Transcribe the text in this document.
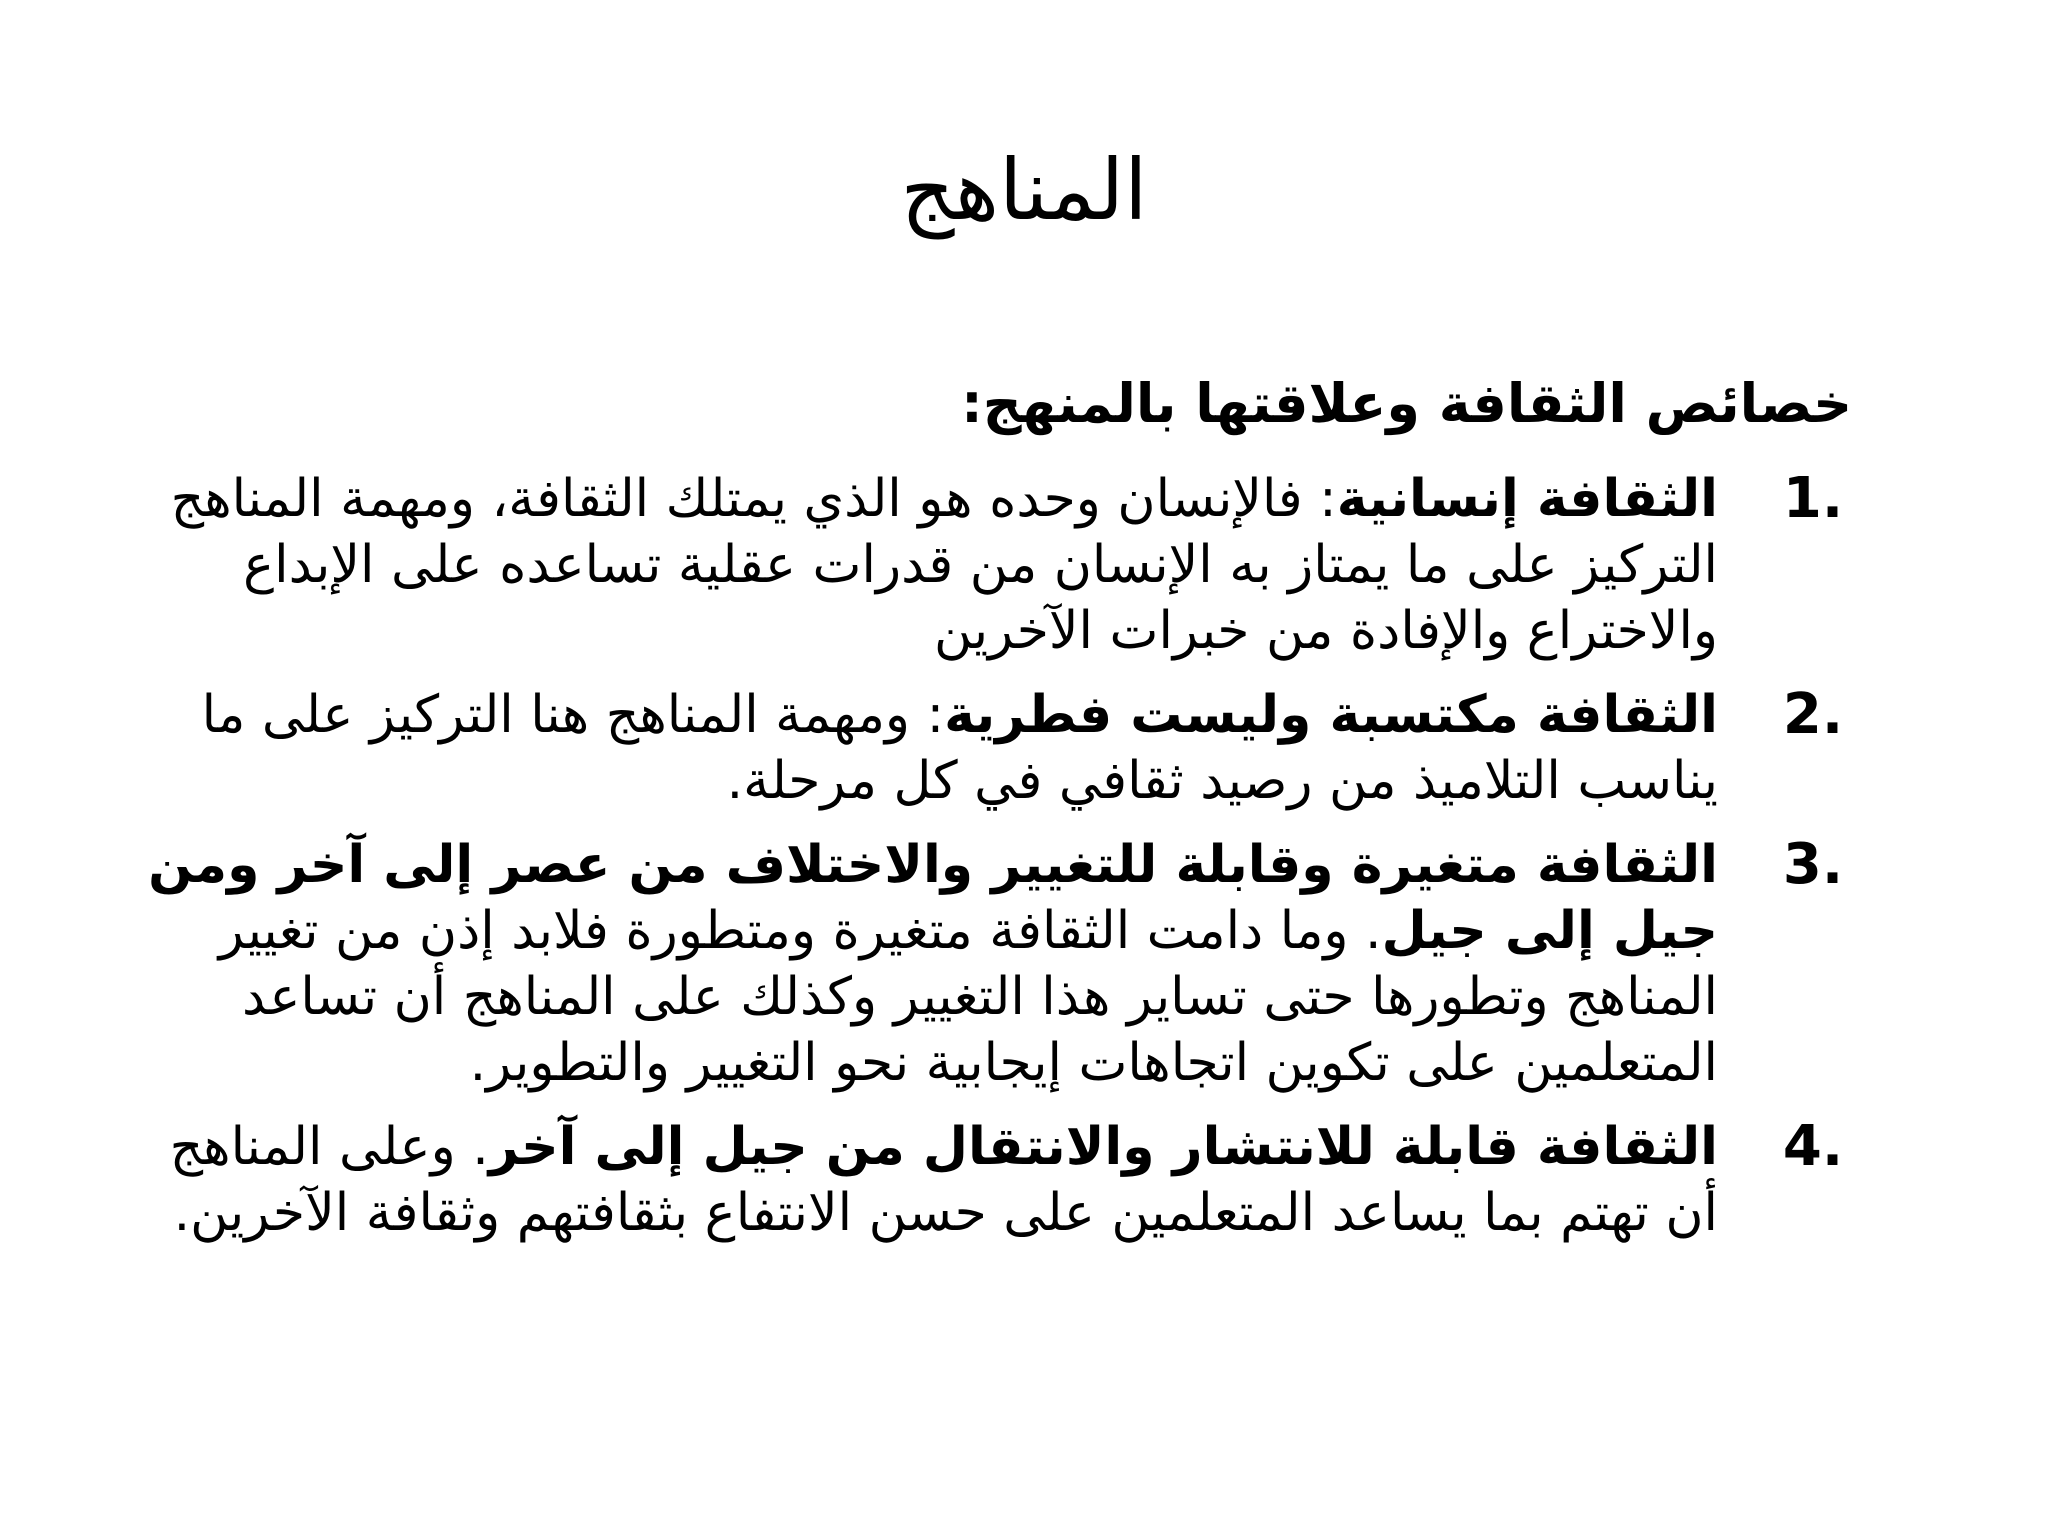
المناهج
خصائص الثقافة وعلاقتها بالمنهج:
1.
الثقافة إنسانية: فالإنسان وحده هو الذي يمتلك الثقافة، ومهمة المناهج التركيز على ما يمتاز به الإنسان من قدرات عقلية تساعده على الإبداع والاختراع والإفادة من خبرات الآخرين
2.
الثقافة مكتسبة وليست فطرية: ومهمة المناهج هنا التركيز على ما يناسب التلاميذ من رصيد ثقافي في كل مرحلة.
3.
الثقافة متغيرة وقابلة للتغيير والاختلاف من عصر إلى آخر ومن جيل إلى جيل. وما دامت الثقافة متغيرة ومتطورة فلابد إذن من تغيير المناهج وتطورها حتى تساير هذا التغيير وكذلك على المناهج أن تساعد المتعلمين على تكوين اتجاهات إيجابية نحو التغيير والتطوير.
4.
الثقافة قابلة للانتشار والانتقال من جيل إلى آخر. وعلى المناهج أن تهتم بما يساعد المتعلمين على حسن الانتفاع بثقافتهم وثقافة الآخرين.
